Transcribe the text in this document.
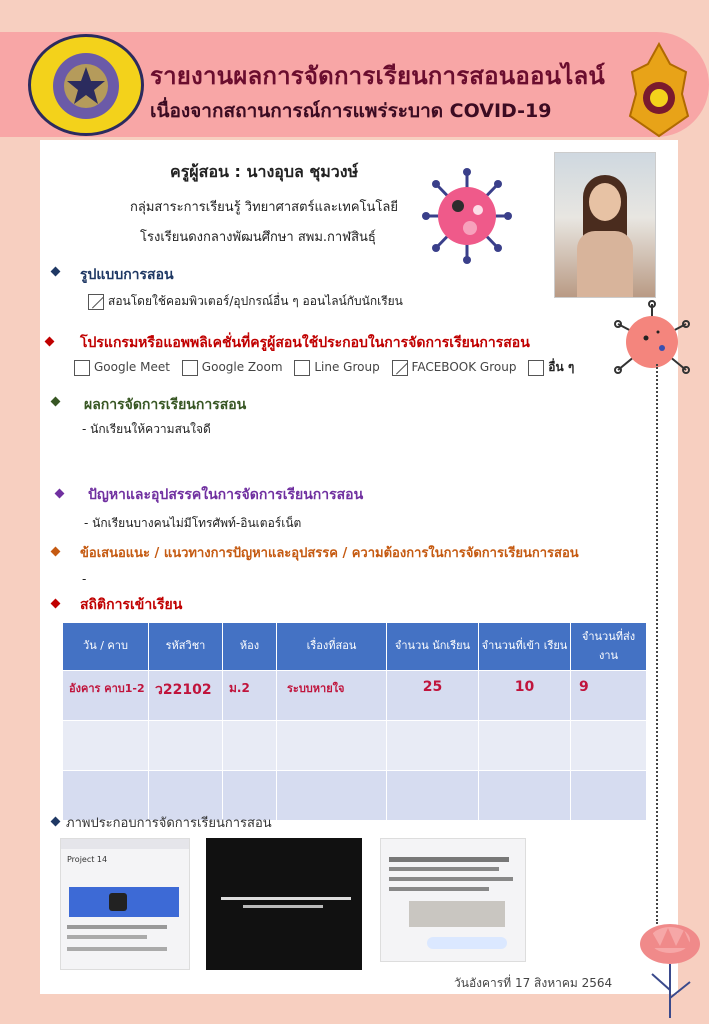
รายงานผลการจัดการเรียนการสอนออนไลน์
เนื่องจากสถานการณ์การแพร่ระบาด COVID-19
ครูผู้สอน : นางอุบล ชุมวงษ์
กลุ่มสาระการเรียนรู้ วิทยาศาสตร์และเทคโนโลยี
โรงเรียนดงกลางพัฒนศึกษา สพม.กาฬสินธุ์
รูปแบบการสอน
สอนโดยใช้คอมพิวเตอร์/อุปกรณ์อื่น ๆ ออนไลน์กับนักเรียน
โปรแกรมหรือแอพพลิเคชั่นที่ครูผู้สอนใช้ประกอบในการจัดการเรียนการสอน
Google Meet	Google Zoom	Line Group	FACEBOOK Group	อื่น ๆ
ผลการจัดการเรียนการสอน
- นักเรียนให้ความสนใจดี
ปัญหาและอุปสรรคในการจัดการเรียนการสอน
- นักเรียนบางคนไม่มีโทรศัพท์-อินเตอร์เน็ต
ข้อเสนอแนะ / แนวทางการปัญหาและอุปสรรค / ความต้องการในการจัดการเรียนการสอน
-
สถิติการเข้าเรียน
วัน / คาบ	รหัสวิชา	ห้อง	เรื่องที่สอน	จำนวน นักเรียน	จำนวนที่เข้า เรียน	จำนวนที่ส่ง งาน
อังคาร คาบ1-2	ว22102	ม.2	ระบบหายใจ	25	10	9

ภาพประกอบการจัดการเรียนการสอน
Project 14
วันอังคารที่ 17 สิงหาคม 2564
